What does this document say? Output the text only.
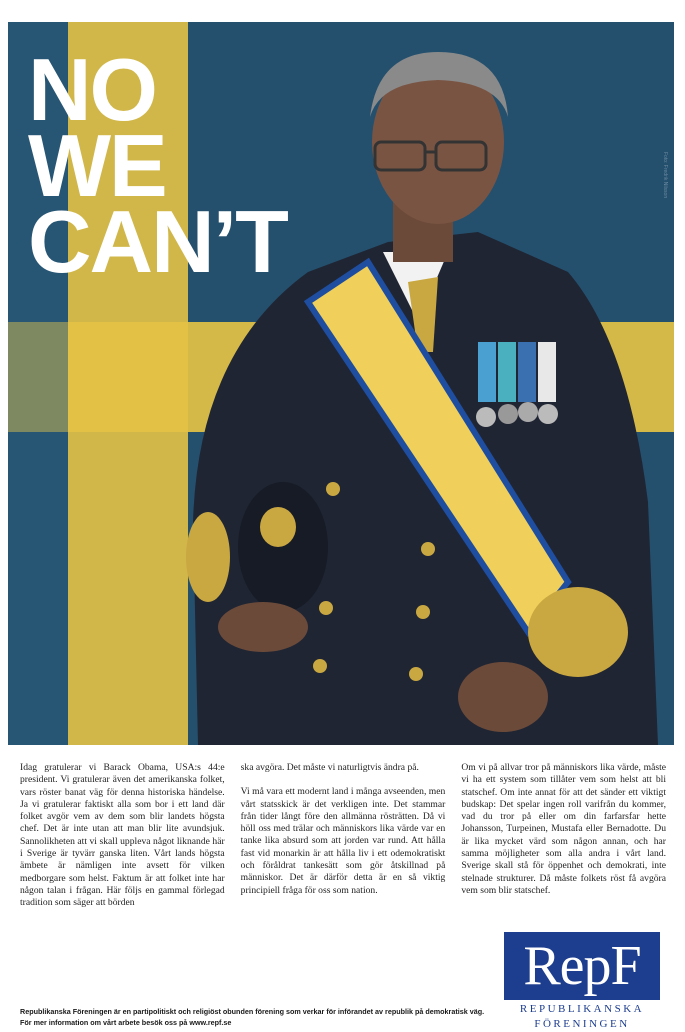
NO
WE
CAN’T
Foto: Fredrik Nilsson

Idag gratulerar vi Barack Obama, USA:s 44:e president. Vi gratulerar även det amerikanska folket, vars röster banat väg för denna historiska händelse. Ja vi gratulerar faktiskt alla som bor i ett land där folket avgör vem av dem som blir landets högsta chef. Det är inte utan att man blir lite avundsjuk. Sannolikheten att vi skall uppleva något liknande här i Sverige är tyvärr ganska liten. Vårt lands högsta ämbete är nämligen inte avsett för vilken medborgare som helst. Faktum är att folket inte har någon talan i frågan. Här följs en gammal förlegad tradition som säger att börden

ska avgöra. Det måste vi naturligtvis ändra på.

Vi må vara ett modernt land i många avseenden, men vårt statsskick är det verkligen inte. Det stammar från tider långt före den allmänna rösträtten. Då vi höll oss med trälar och människors lika värde var en tanke lika absurd som att jorden var rund. Att hålla fast vid monarkin är att hålla liv i ett odemokratiskt och föråldrat tankesätt som gör åtskillnad på människor. Det är därför detta är en så viktig principiell fråga för oss som nation.

Om vi på allvar tror på människors lika värde, måste vi ha ett system som tillåter vem som helst att bli statschef. Om inte annat för att det sänder ett viktigt budskap: Det spelar ingen roll varifrån du kommer, vad du tror på eller om din farfarsfar hette Johansson, Turpeinen, Mustafa eller Bernadotte. Du är lika mycket värd som någon annan, och har samma möjligheter som alla andra i vårt land. Sverige skall stå för öppenhet och demokrati, inte stelnade strukturer. Då måste folkets röst få avgöra vem som blir statschef.

Republikanska Föreningen är en partipolitiskt och religiöst obunden förening som verkar för införandet av republik på demokratisk väg.
För mer information om vårt arbete besök oss på www.repf.se
RepF
REPUBLIKANSKA
FÖRENINGEN
